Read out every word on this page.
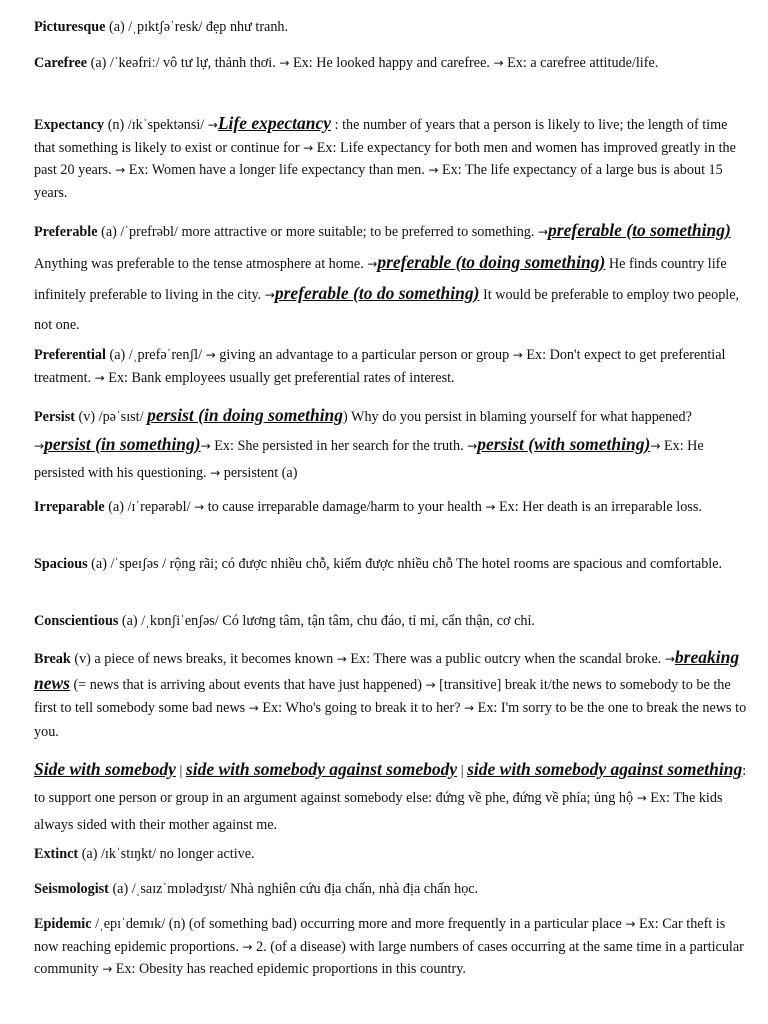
Picturesque (a) /ˌpɪktʃəˈresk/ đẹp như tranh.
Carefree (a) /ˈkeəfriː/ vô tư lự, thảnh thơi. → Ex: He looked happy and carefree. → Ex: a carefree attitude/life.
Expectancy (n) /ɪkˈspektənsi/ → Life expectancy : the number of years that a person is likely to live; the length of time that something is likely to exist or continue for → Ex: Life expectancy for both men and women has improved greatly in the past 20 years. → Ex: Women have a longer life expectancy than men. → Ex: The life expectancy of a large bus is about 15 years.
Preferable (a) /ˈprefrəbl/ more attractive or more suitable; to be preferred to something. → preferable (to something) Anything was preferable to the tense atmosphere at home. → preferable (to doing something) He finds country life infinitely preferable to living in the city. → preferable (to do something) It would be preferable to employ two people, not one.
Preferential (a) /ˌprefəˈrenʃl/ → giving an advantage to a particular person or group → Ex: Don't expect to get preferential treatment. → Ex: Bank employees usually get preferential rates of interest.
Persist (v) /pəˈsɪst/ persist (in doing something) Why do you persist in blaming yourself for what happened? → persist (in something)→ Ex: She persisted in her search for the truth. → persist (with something)→ Ex: He persisted with his questioning. → persistent (a)
Irreparable (a) /ɪˈrepərəbl/ → to cause irreparable damage/harm to your health → Ex: Her death is an irreparable loss.
Spacious (a) /ˈspeɪʃəs / rộng rãi; có được nhiều chỗ, kiếm được nhiều chỗ The hotel rooms are spacious and comfortable.
Conscientious (a) /ˌkɒnʃiˈenʃəs/ Có lương tâm, tận tâm, chu đáo, tỉ mỉ, cẩn thận, cơ chỉ.
Break (v) a piece of news breaks, it becomes known → Ex: There was a public outcry when the scandal broke. → breaking news (= news that is arriving about events that have just happened) → [transitive] break it/the news to somebody to be the first to tell somebody some bad news → Ex: Who's going to break it to her? → Ex: I'm sorry to be the one to break the news to you.
Side with somebody | side with somebody against somebody | side with somebody against something: to support one person or group in an argument against somebody else: đứng về phe, đứng về phía; ủng hộ → Ex: The kids always sided with their mother against me.
Extinct (a) /ɪkˈstɪŋkt/ no longer active.
Seismologist (a) /ˌsaɪzˈmɒlədʒɪst/ Nhà nghiên cứu địa chấn, nhà địa chấn học.
Epidemic /ˌepɪˈdemɪk/ (n) (of something bad) occurring more and more frequently in a particular place → Ex: Car theft is now reaching epidemic proportions. → 2. (of a disease) with large numbers of cases occurring at the same time in a particular community → Ex: Obesity has reached epidemic proportions in this country.
